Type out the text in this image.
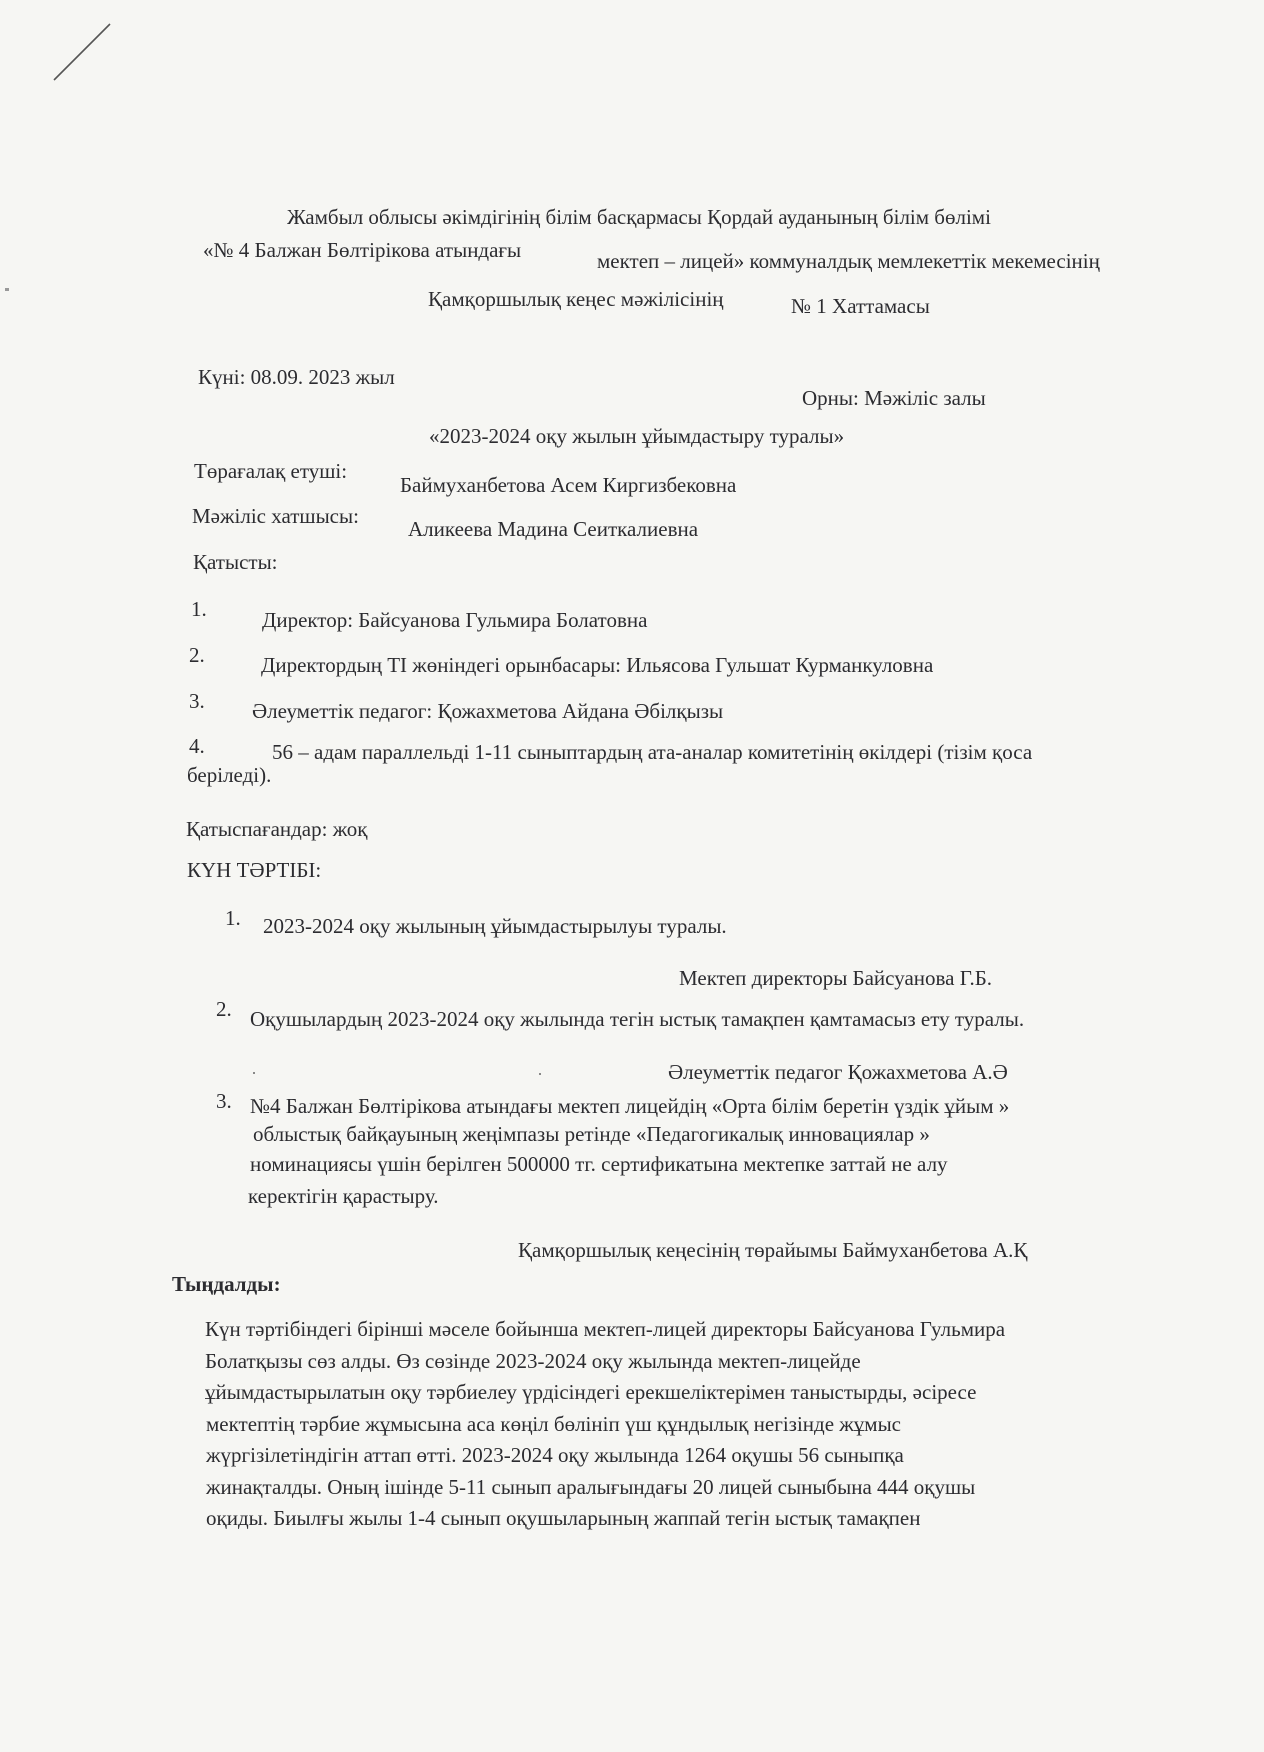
Жамбыл облысы әкімдігінің білім басқармасы Қордай ауданының білім бөлімі
«№ 4 Балжан Бөлтірікова атындағы	мектеп – лицей» коммуналдық мемлекеттік мекемесінің
Қамқоршылық кеңес мәжілісінің	№ 1 Хаттамасы
Күні: 08.09. 2023 жыл
Орны: Мәжіліс залы
«2023-2024 оқу жылын ұйымдастыру туралы»
Төрағалақ етуші:
Баймуханбетова Асем Киргизбековна
Мәжіліс хатшысы:
Аликеева Мадина Сеиткалиевна
Қатысты:
1.	Директор: Байсуанова Гульмира Болатовна
2.	Директордың ТІ жөніндегі орынбасары: Ильясова Гульшат Курманкуловна
3. Әлеуметтік педагог: Қожахметова Айдана Әбілқызы
4.	56 – адам параллельді 1-11 сыныптардың ата-аналар комитетінің өкілдері (тізім қоса
беріледі).
Қатыспағандар: жоқ
КҮН ТӘРТІБІ:
1. 2023-2024 оқу жылының ұйымдастырылуы туралы.
Мектеп директоры Байсуанова Г.Б.
2. Оқушылардың 2023-2024 оқу жылында тегін ыстық тамақпен қамтамасыз ету туралы.
Әлеуметтік педагог Қожахметова А.Ә
3. №4 Балжан Бөлтірікова атындағы мектеп лицейдің «Орта білім беретін үздік ұйым »
облыстық байқауының жеңімпазы ретінде «Педагогикалық инновациялар »
номинациясы үшін берілген 500000 тг. сертификатына мектепке заттай не алу
керектігін қарастыру.
Қамқоршылық кеңесінің төрайымы Баймуханбетова А.Қ
Тыңдалды:
Күн тәртібіндегі бірінші мәселе бойынша мектеп-лицей директоры Байсуанова Гульмира
Болатқызы сөз алды. Өз сөзінде 2023-2024 оқу жылында мектеп-лицейде
ұйымдастырылатын оқу тәрбиелеу үрдісіндегі ерекшеліктерімен таныстырды, әсіресе
мектептің тәрбие жұмысына аса көңіл бөлініп үш құндылық негізінде жұмыс
жүргізілетіндігін аттап өтті. 2023-2024 оқу жылында 1264 оқушы 56 сыныпқа
жинақталды. Оның ішінде 5-11 сынып аралығындағы 20 лицей сыныбына 444 оқушы
оқиды. Биылғы жылы 1-4 сынып оқушыларының жаппай тегін ыстық тамақпен
